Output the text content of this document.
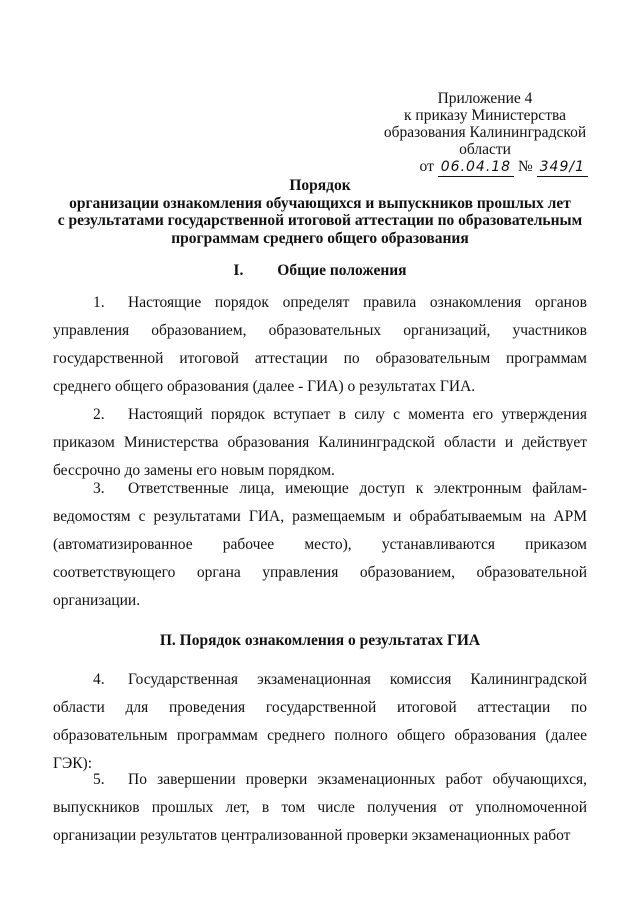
Приложение 4
к приказу Министерства
образования Калининградской
области
от 06.04.18 № 349/1
Порядок
организации ознакомления обучающихся и выпускников прошлых лет
с результатами государственной итоговой аттестации по образовательным
программам среднего общего образования
I. Общие положения
1. Настоящие порядок определят правила ознакомления органов управления образованием, образовательных организаций, участников государственной итоговой аттестации по образовательным программам среднего общего образования (далее - ГИА) о результатах ГИА.
2. Настоящий порядок вступает в силу с момента его утверждения приказом Министерства образования Калининградской области и действует бессрочно до замены его новым порядком.
3. Ответственные лица, имеющие доступ к электронным файлам-ведомостям с результатами ГИА, размещаемым и обрабатываемым на АРМ (автоматизированное рабочее место), устанавливаются приказом соответствующего органа управления образованием, образовательной организации.
П. Порядок ознакомления о результатах ГИА
4. Государственная экзаменационная комиссия Калининградской области для проведения государственной итоговой аттестации по образовательным программам среднего полного общего образования (далее ГЭК):
5. По завершении проверки экзаменационных работ обучающихся, выпускников прошлых лет, в том числе получения от уполномоченной организации результатов централизованной проверки экзаменационных работ
